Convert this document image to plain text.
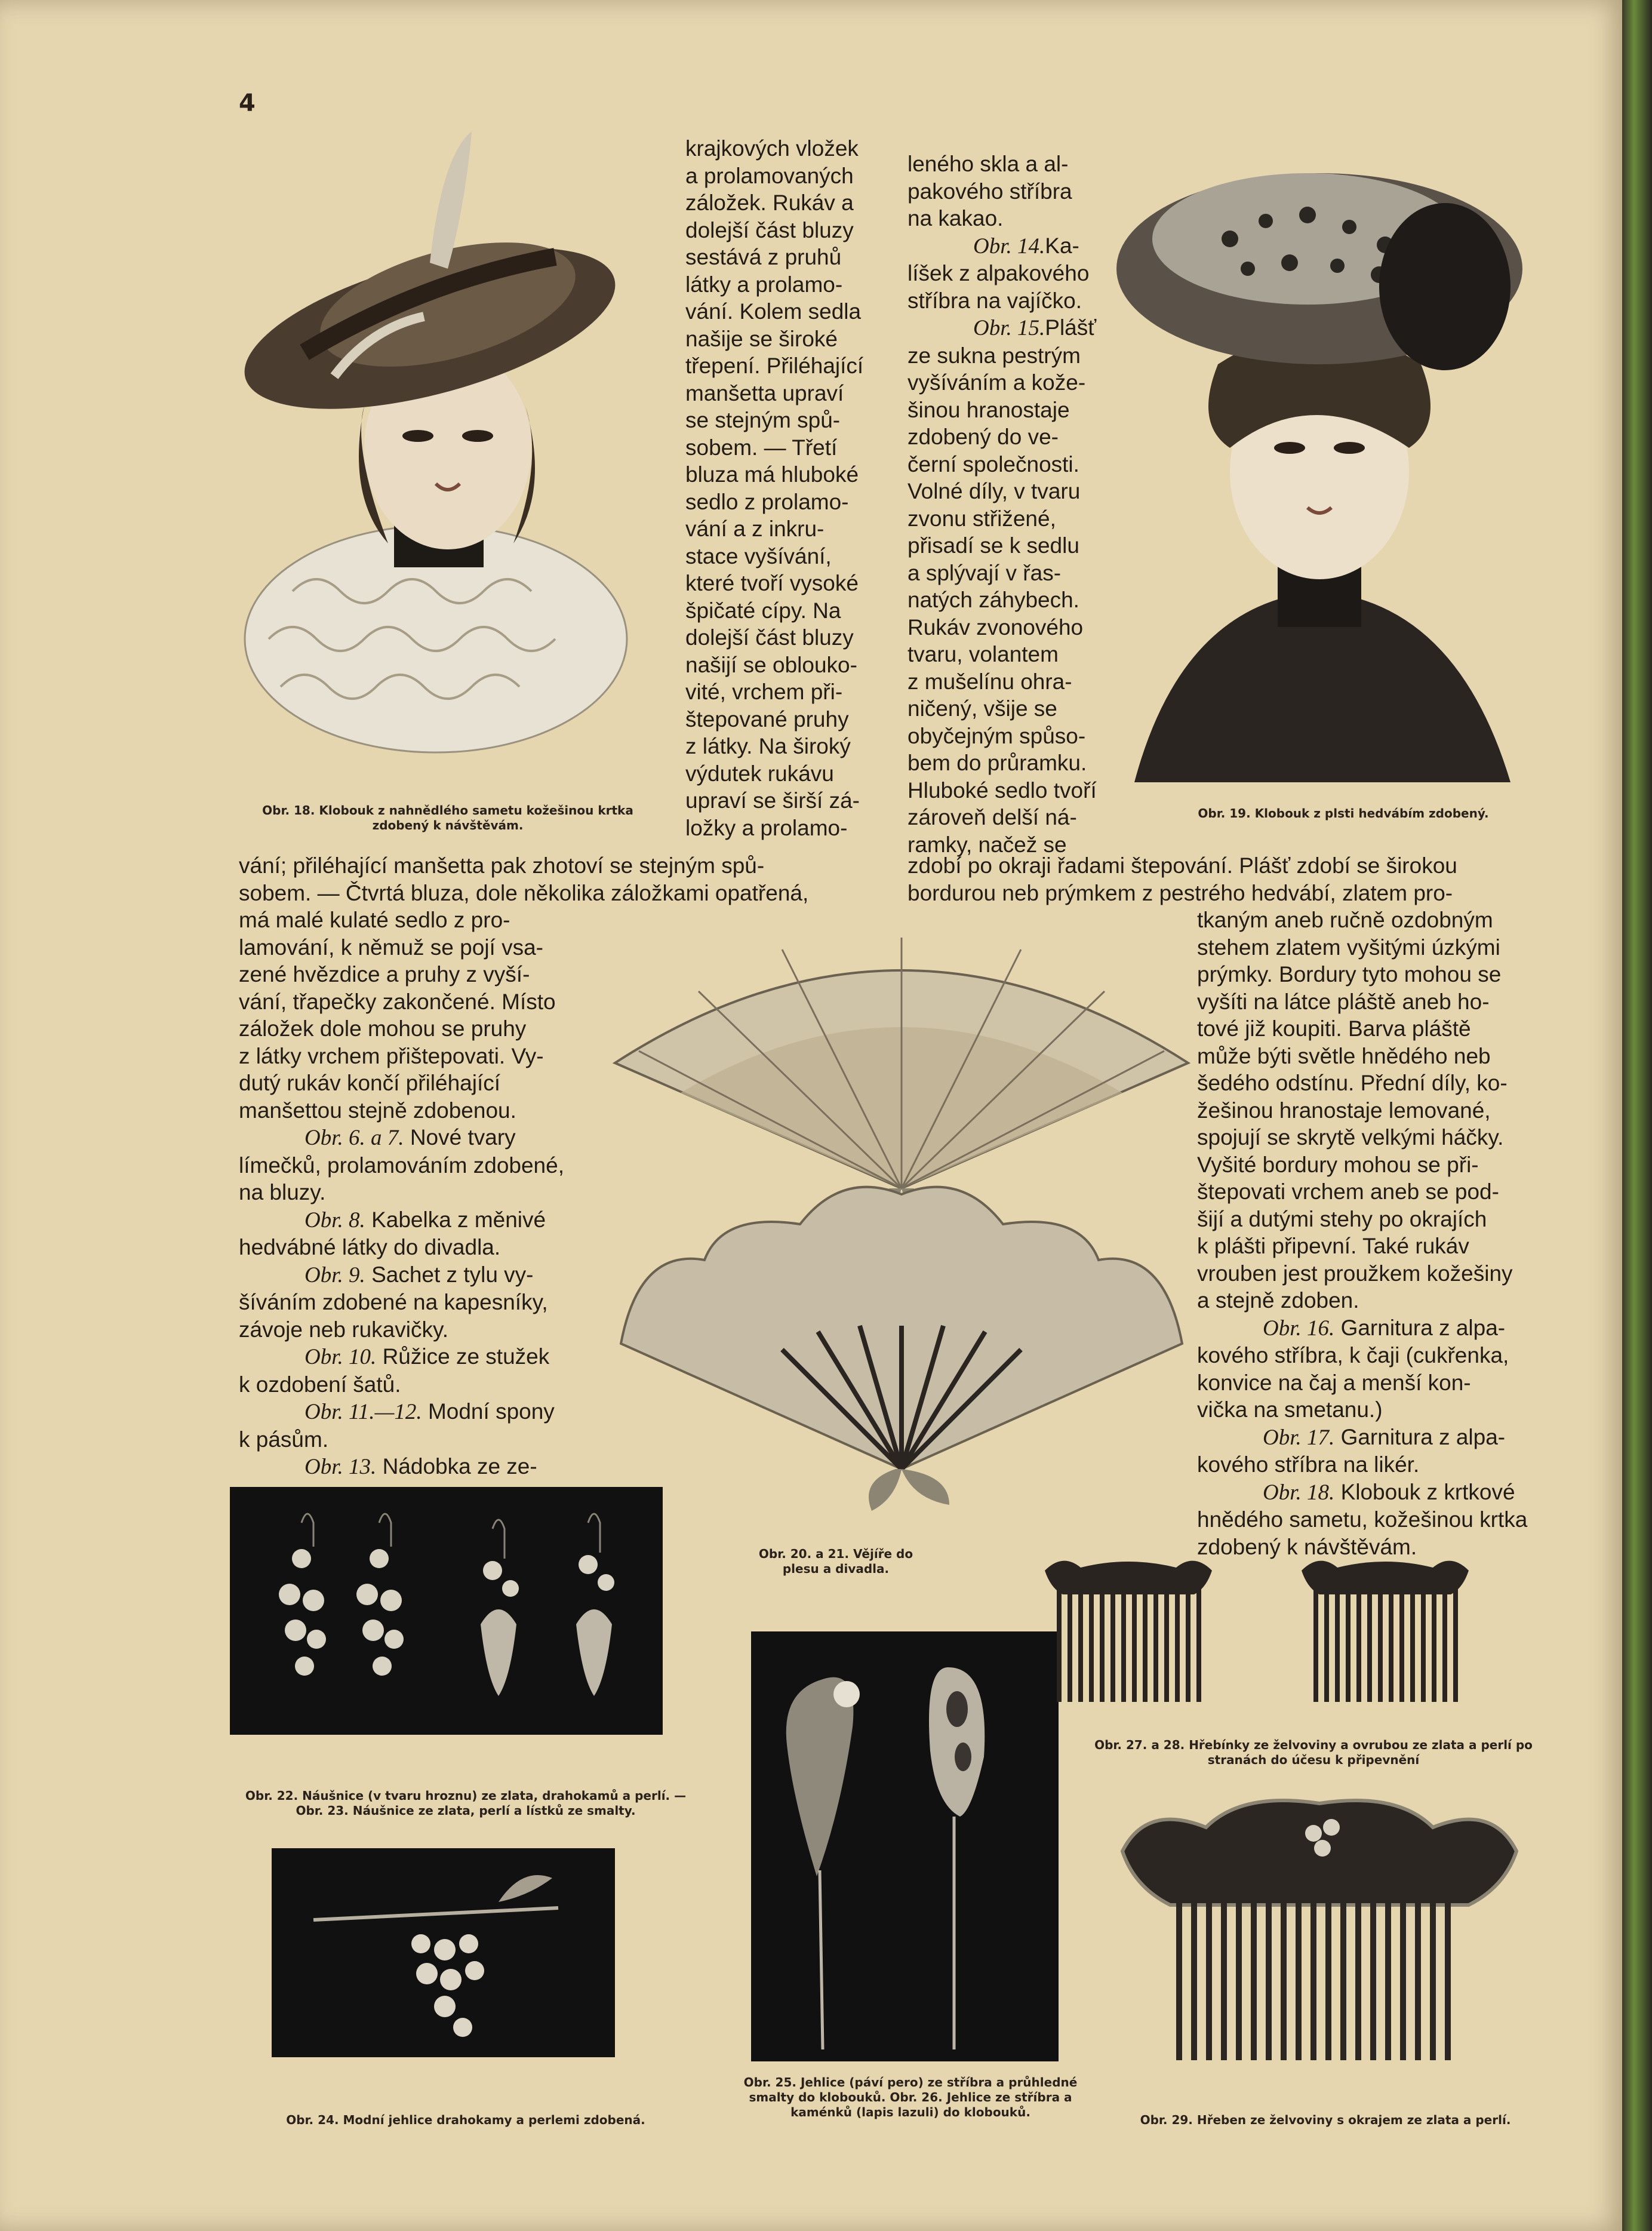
4
Obr. 18. Klobouk z nahnědlého sametu kožešinou krtka zdobený k návštěvám.
Obr. 19. Klobouk z plsti hedvábím zdobený.

krajkových vložek

a prolamovaných

záložek. Rukáv a

dolejší část bluzy

sestává z pruhů

látky a prolamo-

vání. Kolem sedla

našije se široké

třepení. Přiléhající

manšetta upraví

se stejným spů-

sobem. — Třetí

bluza má hluboké

sedlo z prolamo-

vání a z inkru-

stace vyšívání,

které tvoří vysoké

špičaté cípy. Na

dolejší část bluzy

našijí se oblouko-

vité, vrchem při-

štepované pruhy

z látky. Na široký

výdutek rukávu

upraví se širší zá-

ložky a prolamo-

leného skla a al-

pakového stříbra

na kakao.

Obr. 14.Ka-

líšek z alpakového

stříbra na vajíčko.

Obr. 15.Plášť

ze sukna pestrým

vyšíváním a kože-

šinou hranostaje

zdobený do ve-

černí společnosti.

Volné díly, v tvaru

zvonu střižené,

přisadí se k sedlu

a splývají v řas-

natých záhybech.

Rukáv zvonového

tvaru, volantem

z mušelínu ohra-

ničený, všije se

obyčejným spůso-

bem do průramku.

Hluboké sedlo tvoří

zároveň delší ná-

ramky, načež se

vání; přiléhající manšetta pak zhotoví se stejným spů-

sobem. — Čtvrtá bluza, dole několika záložkami opatřená,

zdobí po okraji řadami štepování. Plášť zdobí se širokou

bordurou neb prýmkem z pestrého hedvábí, zlatem pro-

má malé kulaté sedlo z pro-

lamování, k němuž se pojí vsa-

zené hvězdice a pruhy z vyší-

vání, třapečky zakončené. Místo

záložek dole mohou se pruhy

z látky vrchem přištepovati. Vy-

dutý rukáv končí přiléhající

manšettou stejně zdobenou.

Obr. 6. a 7. Nové tvary

límečků, prolamováním zdobené,

na bluzy.

Obr. 8. Kabelka z měnivé

hedvábné látky do divadla.

Obr. 9. Sachet z tylu vy-

šíváním zdobené na kapesníky,

závoje neb rukavičky.

Obr. 10. Růžice ze stužek

k ozdobení šatů.

Obr. 11.—12. Modní spony

k pásům.

Obr. 13. Nádobka ze ze-

tkaným aneb ručně ozdobným

stehem zlatem vyšitými úzkými

prýmky. Bordury tyto mohou se

vyšíti na látce pláště aneb ho-

tové již koupiti. Barva pláště

může býti světle hnědého neb

šedého odstínu. Přední díly, ko-

žešinou hranostaje lemované,

spojují se skrytě velkými háčky.

Vyšité bordury mohou se při-

štepovati vrchem aneb se pod-

šijí a dutými stehy po okrajích

k plášti připevní. Také rukáv

vrouben jest proužkem kožešiny

a stejně zdoben.

Obr. 16. Garnitura z alpa-

kového stříbra, k čaji (cukřenka,

konvice na čaj a menší kon-

vička na smetanu.)

Obr. 17. Garnitura z alpa-

kového stříbra na likér.

Obr. 18. Klobouk z krtkové

hnědého sametu, kožešinou krtka

zdobený k návštěvám.

Obr. 20. a 21. Vějíře do plesu a divadla.
Obr. 22. Náušnice (v tvaru hroznu) ze zlata, drahokamů a perlí. — Obr. 23. Náušnice ze zlata, perlí a lístků ze smalty.
Obr. 24. Modní jehlice drahokamy a perlemi zdobená.
Obr. 25. Jehlice (páví pero) ze stříbra a průhledné smalty do klobouků. Obr. 26. Jehlice ze stříbra a kaménků (lapis lazuli) do klobouků.
Obr. 27. a 28. Hřebínky ze želvoviny a ovrubou ze zlata a perlí po stranách do účesu k připevnění
Obr. 29. Hřeben ze želvoviny s okrajem ze zlata a perlí.
